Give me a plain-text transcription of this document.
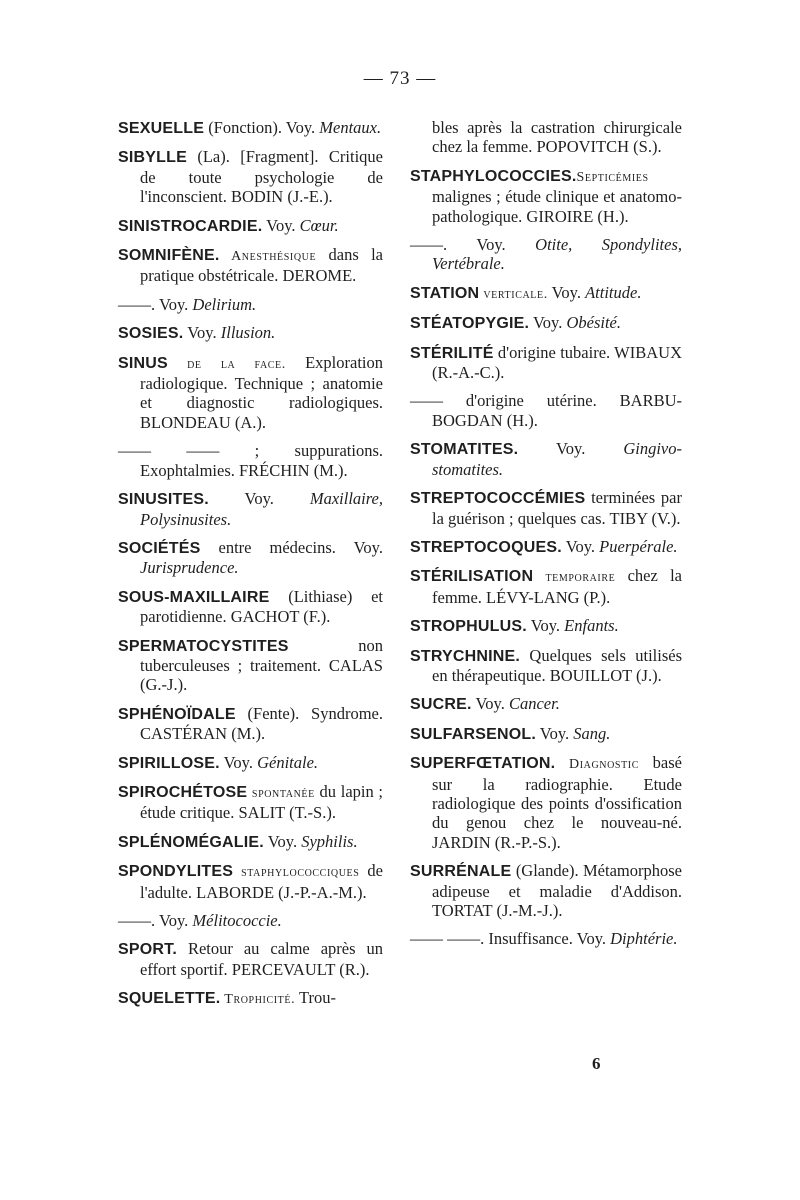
— 73 —
SEXUELLE (Fonction). Voy. Mentaux.
SIBYLLE (La). [Fragment]. Critique de toute psychologie de l'inconscient. BODIN (J.-E.).
SINISTROCARDIE. Voy. Cœur.
SOMNIFÈNE. Anesthésique dans la pratique obstétricale. DEROME.
——. Voy. Delirium.
SOSIES. Voy. Illusion.
SINUS de la face. Exploration radiologique. Technique ; anatomie et diagnostic radiologiques. BLONDEAU (A.).
—— —— ; suppurations. Exophtalmies. FRÉCHIN (M.).
SINUSITES. Voy. Maxillaire, Polysinusites.
SOCIÉTÉS entre médecins. Voy. Jurisprudence.
SOUS-MAXILLAIRE (Lithiase) et parotidienne. GACHOT (F.).
SPERMATOCYSTITES non tuberculeuses ; traitement. CALAS (G.-J.).
SPHÉNOÏDALE (Fente). Syndrome. CASTÉRAN (M.).
SPIRILLOSE. Voy. Génitale.
SPIROCHÉTOSE spontanée du lapin ; étude critique. SALIT (T.-S.).
SPLÉNOMÉGALIE. Voy. Syphilis.
SPONDYLITES staphylococciques de l'adulte. LABORDE (J.-P.-A.-M.).
——. Voy. Mélitococcie.
SPORT. Retour au calme après un effort sportif. PERCEVAULT (R.).
SQUELETTE. Trophicité. Trou-
bles après la castration chirurgicale chez la femme. POPOVITCH (S.).
STAPHYLOCOCCIES.Septicémies malignes ; étude clinique et anatomo-pathologique. GIROIRE (H.).
——. Voy. Otite, Spondylites, Vertébrale.
STATION verticale. Voy. Attitude.
STÉATOPYGIE. Voy. Obésité.
STÉRILITÉ d'origine tubaire. WIBAUX (R.-A.-C.).
—— d'origine utérine. BARBU-BOGDAN (H.).
STOMATITES. Voy. Gingivo-stomatites.
STREPTOCOCCÉMIES terminées par la guérison ; quelques cas. TIBY (V.).
STREPTOCOQUES. Voy. Puerpérale.
STÉRILISATION temporaire chez la femme. LÉVY-LANG (P.).
STROPHULUS. Voy. Enfants.
STRYCHNINE. Quelques sels utilisés en thérapeutique. BOUILLOT (J.).
SUCRE. Voy. Cancer.
SULFARSENOL. Voy. Sang.
SUPERFŒTATION. Diagnostic basé sur la radiographie. Etude radiologique des points d'ossification du genou chez le nouveau-né. JARDIN (R.-P.-S.).
SURRÉNALE (Glande). Métamorphose adipeuse et maladie d'Addison. TORTAT (J.-M.-J.).
—— ——. Insuffisance. Voy. Diphtérie.
6
